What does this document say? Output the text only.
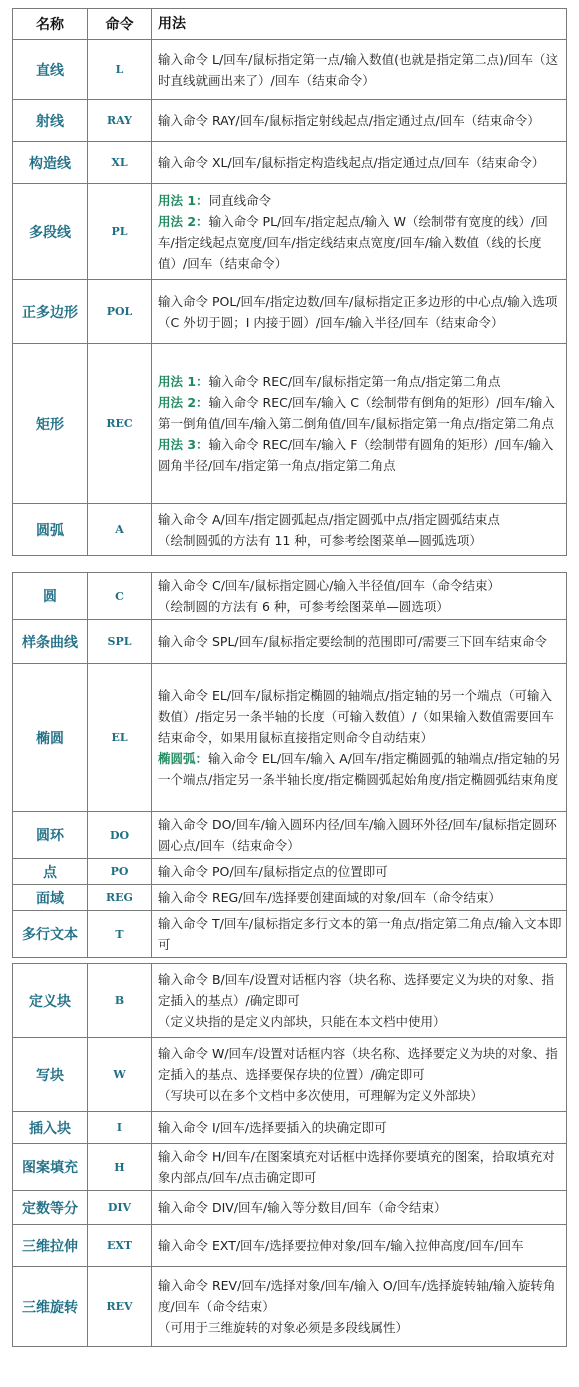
名称	命令	用法
直线	L	输入命令 L/回车/鼠标指定第一点/输入数值(也就是指定第二点)/回车（这时直线就画出来了）/回车（结束命令）

射线	RAY	输入命令 RAY/回车/鼠标指定射线起点/指定通过点/回车（结束命令）

构造线	XL	输入命令 XL/回车/鼠标指定构造线起点/指定通过点/回车（结束命令）

多段线	PL	用法 1：同直线命令
用法 2：输入命令 PL/回车/指定起点/输入 W（绘制带有宽度的线）/回车/指定线起点宽度/回车/指定线结束点宽度/回车/输入数值（线的长度值）/回车（结束命令）

正多边形	POL	输入命令 POL/回车/指定边数/回车/鼠标指定正多边形的中心点/输入选项（C 外切于圆；I 内接于圆）/回车/输入半径/回车（结束命令）

矩形	REC	用法 1：输入命令 REC/回车/鼠标指定第一角点/指定第二角点
用法 2：输入命令 REC/回车/输入 C（绘制带有倒角的矩形）/回车/输入第一倒角值/回车/输入第二倒角值/回车/鼠标指定第一角点/指定第二角点
用法 3：输入命令 REC/回车/输入 F（绘制带有圆角的矩形）/回车/输入圆角半径/回车/指定第一角点/指定第二角点

圆弧	A	输入命令 A/回车/指定圆弧起点/指定圆弧中点/指定圆弧结束点
（绘制圆弧的方法有 11 种，可参考绘图菜单—圆弧选项）
圆	C	输入命令 C/回车/鼠标指定圆心/输入半径值/回车（命令结束）
（绘制圆的方法有 6 种，可参考绘图菜单—圆选项）

样条曲线	SPL	输入命令 SPL/回车/鼠标指定要绘制的范围即可/需要三下回车结束命令

椭圆	EL	输入命令 EL/回车/鼠标指定椭圆的轴端点/指定轴的另一个端点（可输入数值）/指定另一条半轴的长度（可输入数值）/（如果输入数值需要回车结束命令，如果用鼠标直接指定则命令自动结束）
椭圆弧：输入命令 EL/回车/输入 A/回车/指定椭圆弧的轴端点/指定轴的另一个端点/指定另一条半轴长度/指定椭圆弧起始角度/指定椭圆弧结束角度

圆环	DO	输入命令 DO/回车/输入圆环内径/回车/输入圆环外径/回车/鼠标指定圆环圆心点/回车（结束命令）

点	PO	输入命令 PO/回车/鼠标指定点的位置即可

面域	REG	输入命令 REG/回车/选择要创建面域的对象/回车（命令结束）

多行文本	T	输入命令 T/回车/鼠标指定多行文本的第一角点/指定第二角点/输入文本即可
定义块	B	输入命令 B/回车/设置对话框内容（块名称、选择要定义为块的对象、指定插入的基点）/确定即可
（定义块指的是定义内部块，只能在本文档中使用）

写块	W	输入命令 W/回车/设置对话框内容（块名称、选择要定义为块的对象、指定插入的基点、选择要保存块的位置）/确定即可
（写块可以在多个文档中多次使用，可理解为定义外部块）

插入块	I	输入命令 I/回车/选择要插入的块确定即可

图案填充	H	输入命令 H/回车/在图案填充对话框中选择你要填充的图案，拾取填充对象内部点/回车/点击确定即可

定数等分	DIV	输入命令 DIV/回车/输入等分数目/回车（命令结束）

三维拉伸	EXT	输入命令 EXT/回车/选择要拉伸对象/回车/输入拉伸高度/回车/回车

三维旋转	REV	输入命令 REV/回车/选择对象/回车/输入 O/回车/选择旋转轴/输入旋转角度/回车（命令结束）
（可用于三维旋转的对象必须是多段线属性）
